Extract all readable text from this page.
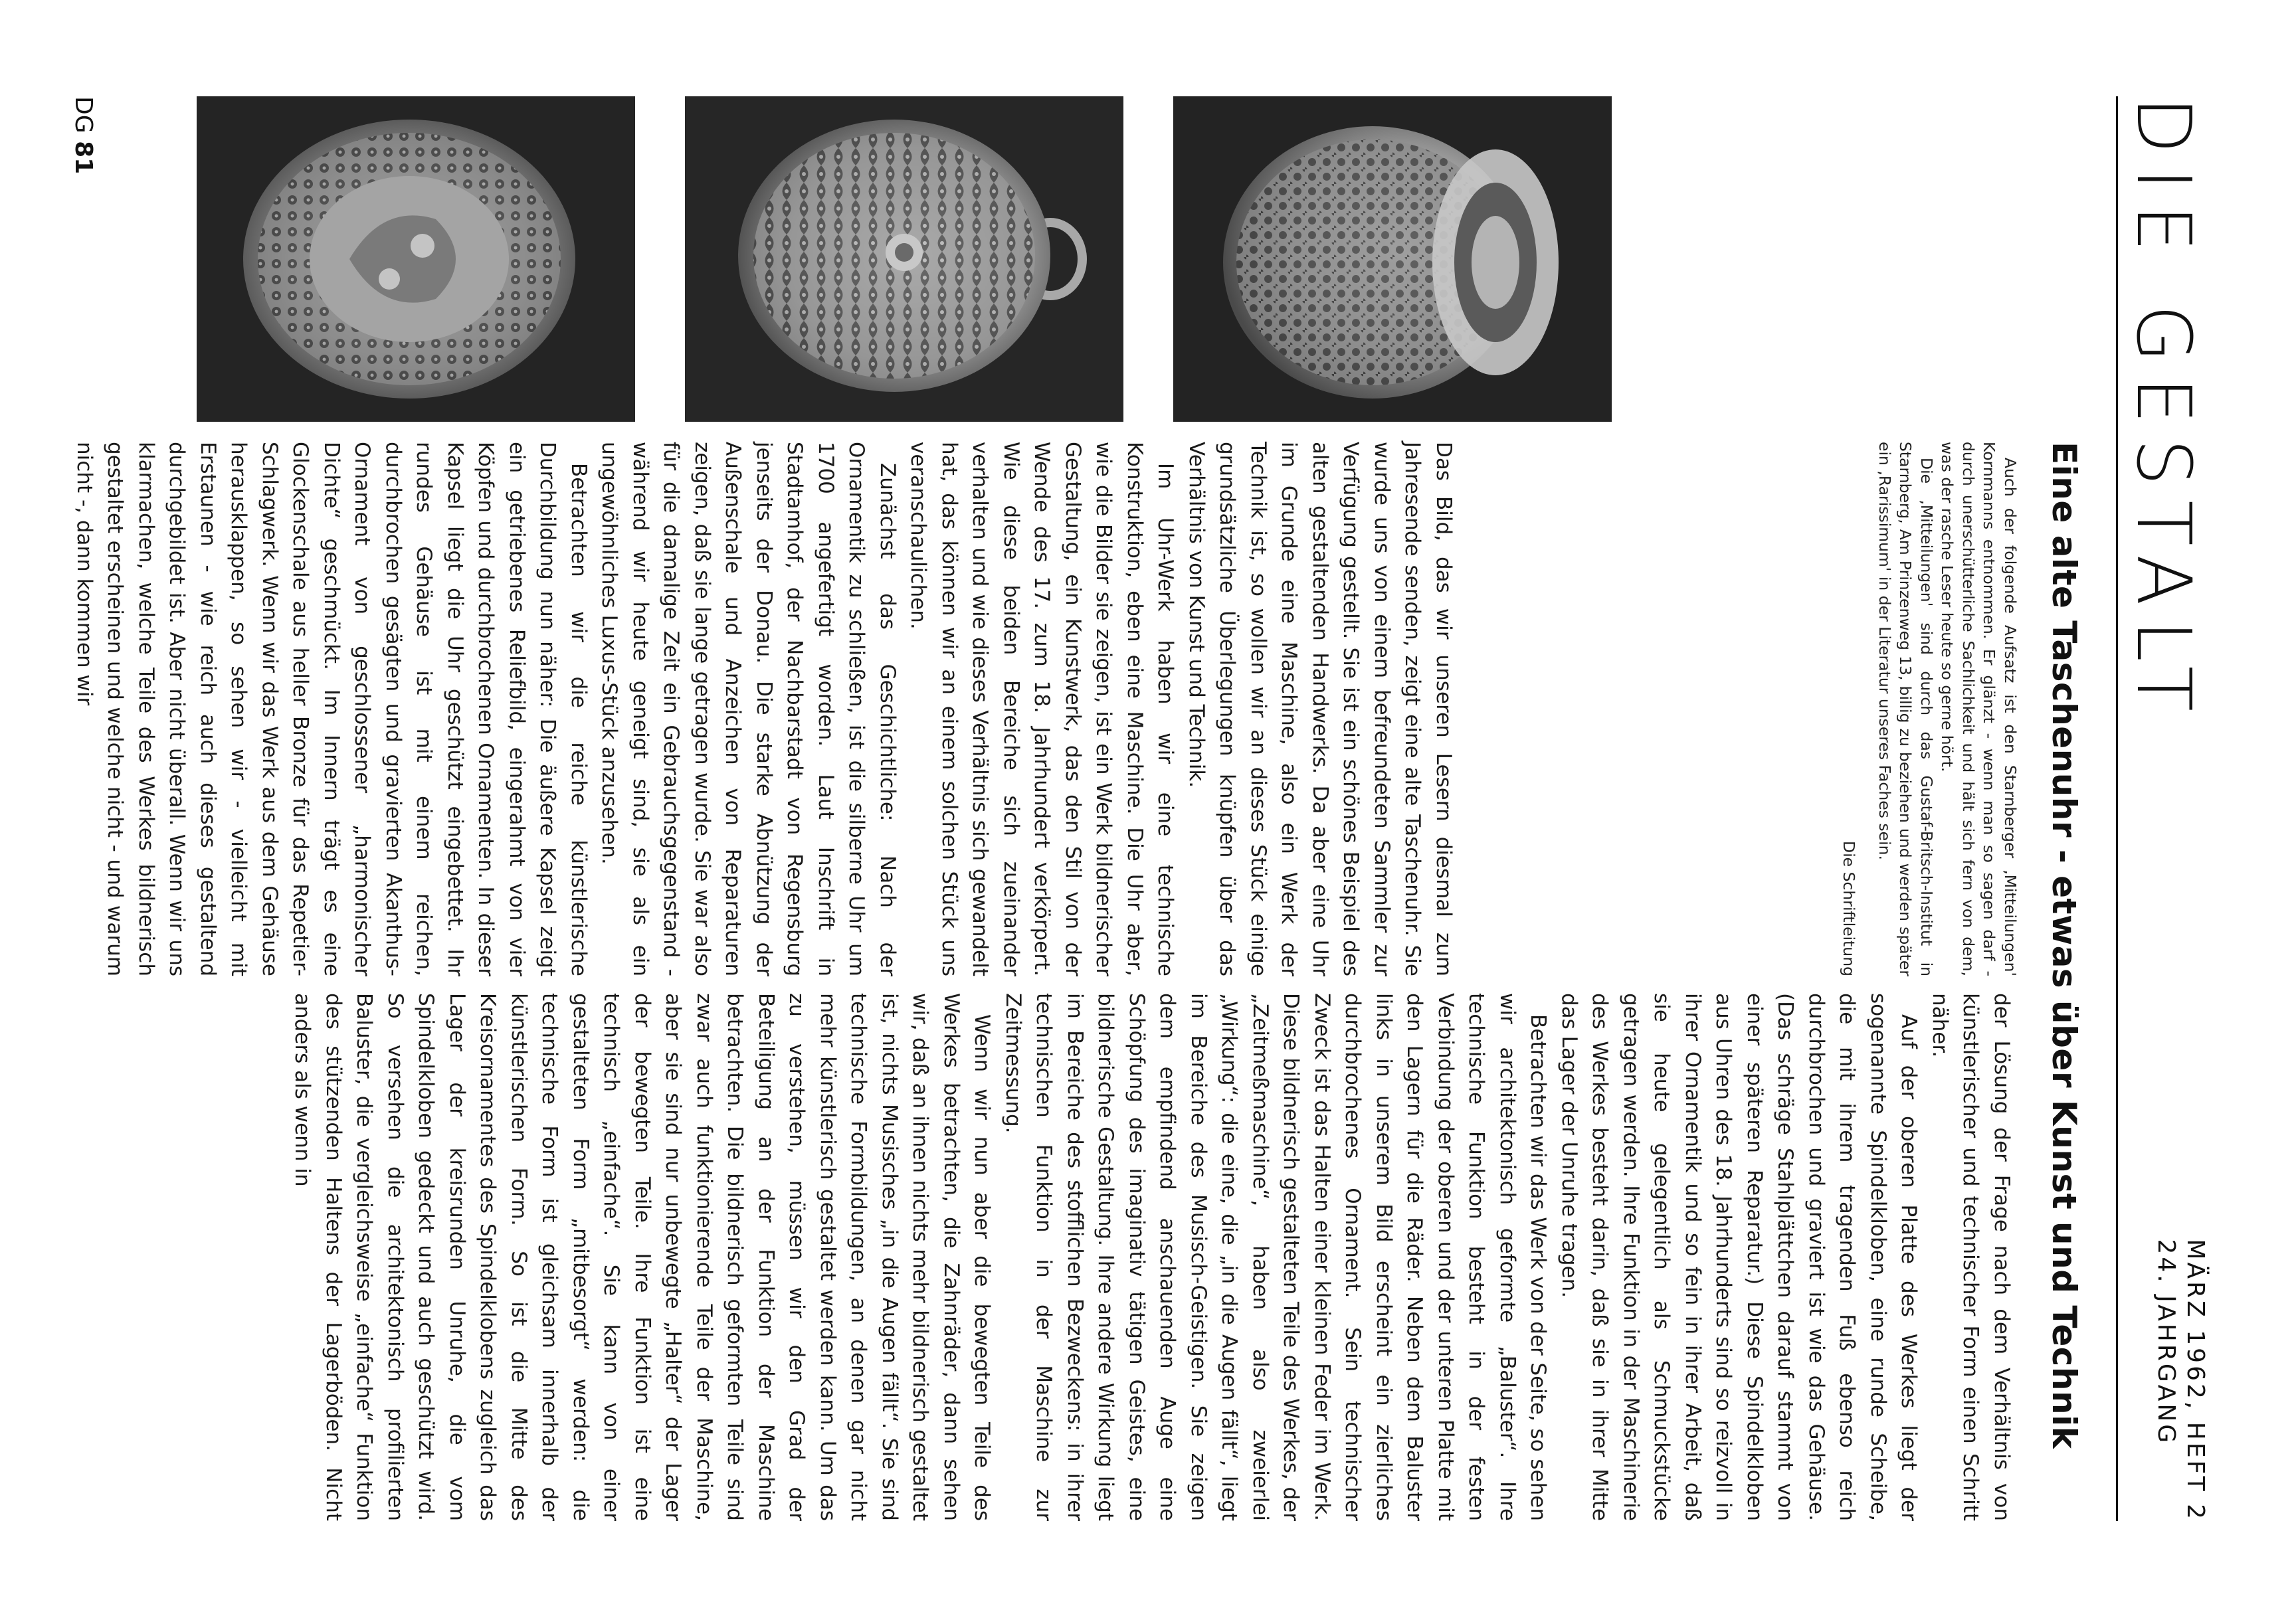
DIE GESTALT
MÄRZ 1962, HEFT 2
24. JAHRGANG
Eine alte Taschenuhr - etwas über Kunst und Technik

Auch der folgende Aufsatz ist den Starnberger ‚Mitteilungen' Kornmanns entnommen. Er glänzt - wenn man so sagen darf - durch unerschütterliche Sachlichkeit und hält sich fern von dem, was der rasche Leser heute so gerne hört.

Die ‚Mitteilungen' sind durch das Gustaf-Britsch-Institut in Starnberg, Am Prinzenweg 13, billig zu beziehen und werden später ein ‚Rarissimum' in der Literatur unseres Faches sein.

Die Schriftleitung

Das Bild, das wir unseren Lesern diesmal zum Jahresende senden, zeigt eine alte Taschenuhr. Sie wurde uns von einem befreundeten Sammler zur Verfügung gestellt. Sie ist ein schönes Beispiel des alten gestaltenden Handwerks. Da aber eine Uhr im Grunde eine Maschine, also ein Werk der Technik ist, so wollen wir an dieses Stück einige grundsätzliche Überlegungen knüpfen über das Verhältnis von Kunst und Technik.

Im Uhr-Werk haben wir eine technische Konstruktion, eben eine Maschine. Die Uhr aber, wie die Bilder sie zeigen, ist ein Werk bildnerischer Gestaltung, ein Kunstwerk, das den Stil von der Wende des 17. zum 18. Jahrhundert verkörpert. Wie diese beiden Bereiche sich zueinander verhalten und wie dieses Verhältnis sich gewandelt hat, das können wir an einem solchen Stück uns veranschaulichen.

Zunächst das Geschichtliche: Nach der Ornamentik zu schließen, ist die silberne Uhr um 1700 angefertigt worden. Laut Inschrift in Stadtamhof, der Nachbarstadt von Regensburg jenseits der Donau. Die starke Abnützung der Außenschale und Anzeichen von Reparaturen zeigen, daß sie lange getragen wurde. Sie war also für die damalige Zeit ein Gebrauchsgegenstand - während wir heute geneigt sind, sie als ein ungewöhnliches Luxus-Stück anzusehen.

Betrachten wir die reiche künstlerische Durchbildung nun näher: Die äußere Kapsel zeigt ein getriebenes Reliefbild, eingerahmt von vier Köpfen und durchbrochenen Ornamenten. In dieser Kapsel liegt die Uhr geschützt eingebettet. Ihr rundes Gehäuse ist mit einem reichen, durchbrochen gesägten und gravierten Akanthus-Ornament von geschlossener „harmonischer Dichte“ geschmückt. Im Innern trägt es eine Glockenschale aus heller Bronze für das Repetier-Schlagwerk. Wenn wir das Werk aus dem Gehäuse herausklappen, so sehen wir - vielleicht mit Erstaunen - wie reich auch dieses gestaltend durchgebildet ist. Aber nicht überall. Wenn wir uns klarmachen, welche Teile des Werkes bildnerisch gestaltet erscheinen und welche nicht - und warum nicht -, dann kommen wir

der Lösung der Frage nach dem Verhältnis von künstlerischer und technischer Form einen Schritt näher.

Auf der oberen Platte des Werkes liegt der sogenannte Spindelkloben, eine runde Scheibe, die mit ihrem tragenden Fuß ebenso reich durchbrochen und graviert ist wie das Gehäuse. (Das schräge Stahlplättchen darauf stammt von einer späteren Reparatur.) Diese Spindelkloben aus Uhren des 18. Jahrhunderts sind so reizvoll in ihrer Ornamentik und so fein in ihrer Arbeit, daß sie heute gelegentlich als Schmuckstücke getragen werden. Ihre Funktion in der Maschinerie des Werkes besteht darin, daß sie in ihrer Mitte das Lager der Unruhe tragen.

Betrachten wir das Werk von der Seite, so sehen wir architektonisch geformte „Baluster“. Ihre technische Funktion besteht in der festen Verbindung der oberen und der unteren Platte mit den Lagern für die Räder. Neben dem Baluster links in unserem Bild erscheint ein zierliches durchbrochenes Ornament. Sein technischer Zweck ist das Halten einer kleinen Feder im Werk. Diese bildnerisch gestalteten Teile des Werkes, der „Zeitmeßmaschine“, haben also zweierlei „Wirkung“: die eine, die „in die Augen fällt“, liegt im Bereiche des Musisch-Geistigen. Sie zeigen dem empfindend anschauenden Auge eine Schöpfung des imaginativ tätigen Geistes, eine bildnerische Gestaltung. Ihre andere Wirkung liegt im Bereiche des stofflichen Bezweckens: in ihrer technischen Funktion in der Maschine zur Zeitmessung.

Wenn wir nun aber die bewegten Teile des Werkes betrachten, die Zahnräder, dann sehen wir, daß an ihnen nichts mehr bildnerisch gestaltet ist, nichts Musisches „in die Augen fällt“. Sie sind technische Formbildungen, an denen gar nicht mehr künstlerisch gestaltet werden kann. Um das zu verstehen, müssen wir den Grad der Beteiligung an der Funktion der Maschine betrachten. Die bildnerisch geformten Teile sind zwar auch funktionierende Teile der Maschine, aber sie sind nur unbewegte „Halter“ der Lager der bewegten Teile. Ihre Funktion ist eine technisch „einfache“. Sie kann von einer gestalteten Form „mitbesorgt“ werden: die technische Form ist gleichsam innerhalb der künstlerischen Form. So ist die Mitte des Kreisornamentes des Spindelklobens zugleich das Lager der kreisrunden Unruhe, die vom Spindelkloben gedeckt und auch geschützt wird. So versehen die architektonisch profilierten Baluster, die vergleichsweise „einfache“ Funktion des stützenden Haltens der Lagerböden. Nicht anders als wenn in

DG 81
